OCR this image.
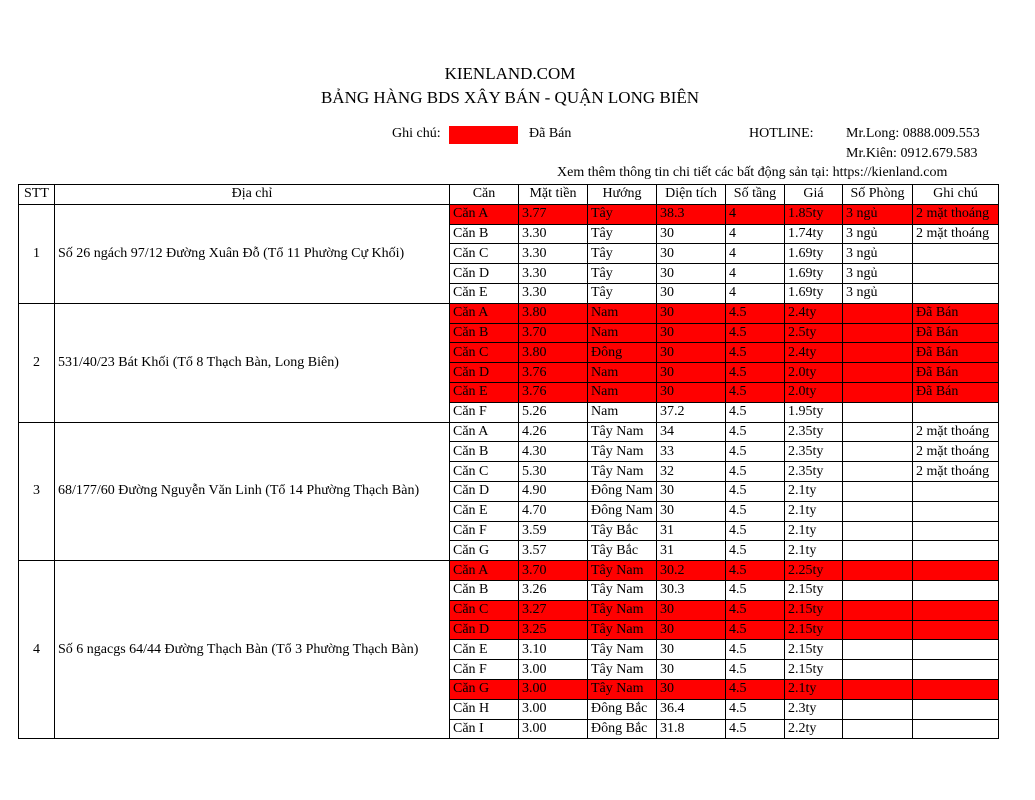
KIENLAND.COM
BẢNG HÀNG BDS XÂY BÁN - QUẬN LONG BIÊN
Ghi chú:	Đã Bán	HOTLINE: Mr.Long: 0888.009.553
Mr.Kiên: 0912.679.583
Xem thêm thông tin chi tiết các bất động sản tại: https://kienland.com
STT	Địa chỉ	Căn	Mặt tiền	Hướng	Diện tích	Số tầng	Giá	Số Phòng	Ghi chú
1	Số 26 ngách 97/12 Đường Xuân Đỗ (Tổ 11 Phường Cự Khối)	Căn A	3.77	Tây	38.3	4	1.85ty	3 ngủ	2 mặt thoáng
		Căn B	3.30	Tây	30	4	1.74ty	3 ngủ	2 mặt thoáng
		Căn C	3.30	Tây	30	4	1.69ty	3 ngủ	
		Căn D	3.30	Tây	30	4	1.69ty	3 ngủ	
		Căn E	3.30	Tây	30	4	1.69ty	3 ngủ	
2	531/40/23 Bát Khối (Tổ 8 Thạch Bàn, Long Biên)	Căn A	3.80	Nam	30	4.5	2.4ty		Đã Bán
		Căn B	3.70	Nam	30	4.5	2.5ty		Đã Bán
		Căn C	3.80	Đông	30	4.5	2.4ty		Đã Bán
		Căn D	3.76	Nam	30	4.5	2.0ty		Đã Bán
		Căn E	3.76	Nam	30	4.5	2.0ty		Đã Bán
		Căn F	5.26	Nam	37.2	4.5	1.95ty		
3	68/177/60 Đường Nguyễn Văn Linh (Tổ 14 Phường Thạch Bàn)	Căn A	4.26	Tây Nam	34	4.5	2.35ty		2 mặt thoáng
		Căn B	4.30	Tây Nam	33	4.5	2.35ty		2 mặt thoáng
		Căn C	5.30	Tây Nam	32	4.5	2.35ty		2 mặt thoáng
		Căn D	4.90	Đông Nam	30	4.5	2.1ty		
		Căn E	4.70	Đông Nam	30	4.5	2.1ty		
		Căn F	3.59	Tây Bắc	31	4.5	2.1ty		
		Căn G	3.57	Tây Bắc	31	4.5	2.1ty		
4	Số 6 ngacgs 64/44 Đường Thạch Bàn (Tổ 3 Phường Thạch Bàn)	Căn A	3.70	Tây Nam	30.2	4.5	2.25ty		
		Căn B	3.26	Tây Nam	30.3	4.5	2.15ty		
		Căn C	3.27	Tây Nam	30	4.5	2.15ty		
		Căn D	3.25	Tây Nam	30	4.5	2.15ty		
		Căn E	3.10	Tây Nam	30	4.5	2.15ty		
		Căn F	3.00	Tây Nam	30	4.5	2.15ty		
		Căn G	3.00	Tây Nam	30	4.5	2.1ty		
		Căn H	3.00	Đông Bắc	36.4	4.5	2.3ty		
		Căn I	3.00	Đông Bắc	31.8	4.5	2.2ty		
